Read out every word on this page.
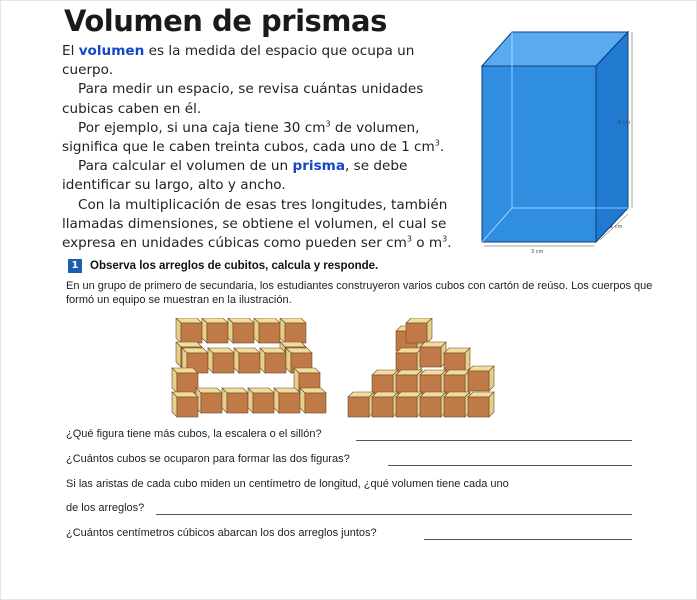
Volumen de prismas

El volumen es la medida del espacio que ocupa un cuerpo.

Para medir un espacio, se revisa cuántas unidades cubicas caben en él.

Por ejemplo, si una caja tiene 30 $cm^3$ de volumen, significa que le caben treinta cubos, cada uno de 1 $cm^3$.

Para calcular el volumen de un prisma, se debe identificar su largo, alto y ancho.

Con la multiplicación de esas tres longitudes, también llamadas dimensiones, se obtiene el volumen, el cual se expresa en unidades cúbicas como pueden ser $cm^3$ o $m^3$.

5 cm
3 cm
2 cm
1	Observa los arreglos de cubitos, calcula y responde.
En un grupo de primero de secundaria, los estudiantes construyeron varios cubos con cartón de reúso. Los cuerpos que formó un equipo se muestran en la ilustración.
¿Qué figura tiene más cubos, la escalera o el sillón?
¿Cuántos cubos se ocuparon para formar las dos figuras?
Si las aristas de cada cubo miden un centímetro de longitud, ¿qué volumen tiene cada uno
de los arreglos?
¿Cuántos centímetros cúbicos abarcan los dos arreglos juntos?
